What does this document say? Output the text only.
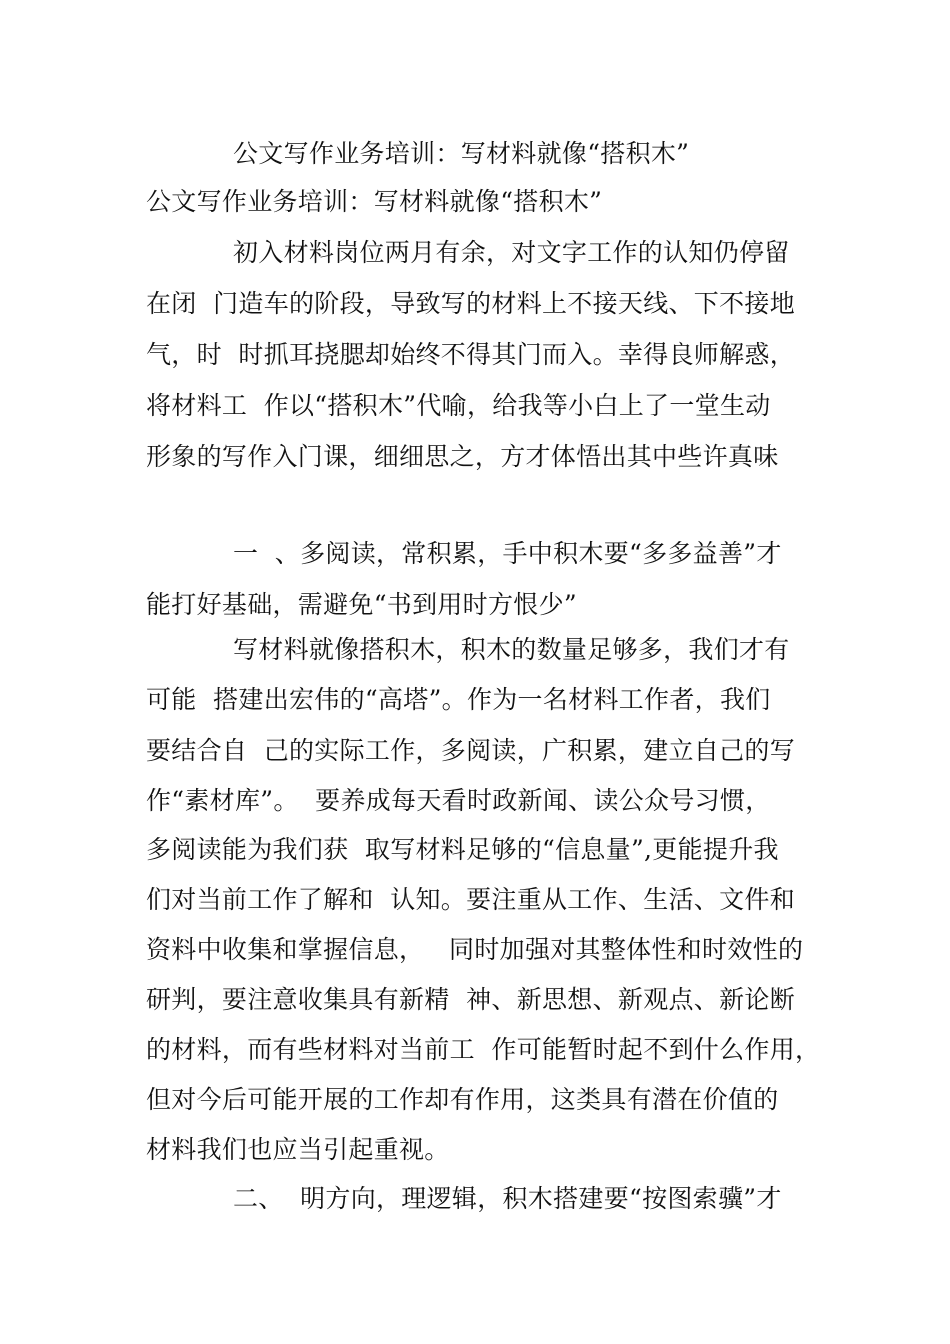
公文写作业务培训：写材料就像“搭积木”
公文写作业务培训：写材料就像“搭积木”
初入材料岗位两月有余，对文字工作的认知仍停留
在闭  门造车的阶段，导致写的材料上不接天线、下不接地
气，时  时抓耳挠腮却始终不得其门而入。幸得良师解惑，
将材料工  作以“搭积木”代喻，给我等小白上了一堂生动
形象的写作入门课，细细思之，方才体悟出其中些许真味
一  、多阅读，常积累，手中积木要“多多益善”才
能打好基础，需避免“书到用时方恨少”
写材料就像搭积木，积木的数量足够多，我们才有
可能  搭建出宏伟的“高塔”。作为一名材料工作者，我们
要结合自  己的实际工作，多阅读，广积累，建立自己的写
作“素材库”。  要养成每天看时政新闻、读公众号习惯，
多阅读能为我们获  取写材料足够的“信息量”,更能提升我
们对当前工作了解和  认知。要注重从工作、生活、文件和
资料中收集和掌握信息，   同时加强对其整体性和时效性的
研判，要注意收集具有新精  神、新思想、新观点、新论断
的材料，而有些材料对当前工  作可能暂时起不到什么作用，
但对今后可能开展的工作却有作用，这类具有潜在价值的
材料我们也应当引起重视。
二、  明方向，理逻辑，积木搭建要“按图索骥”才
